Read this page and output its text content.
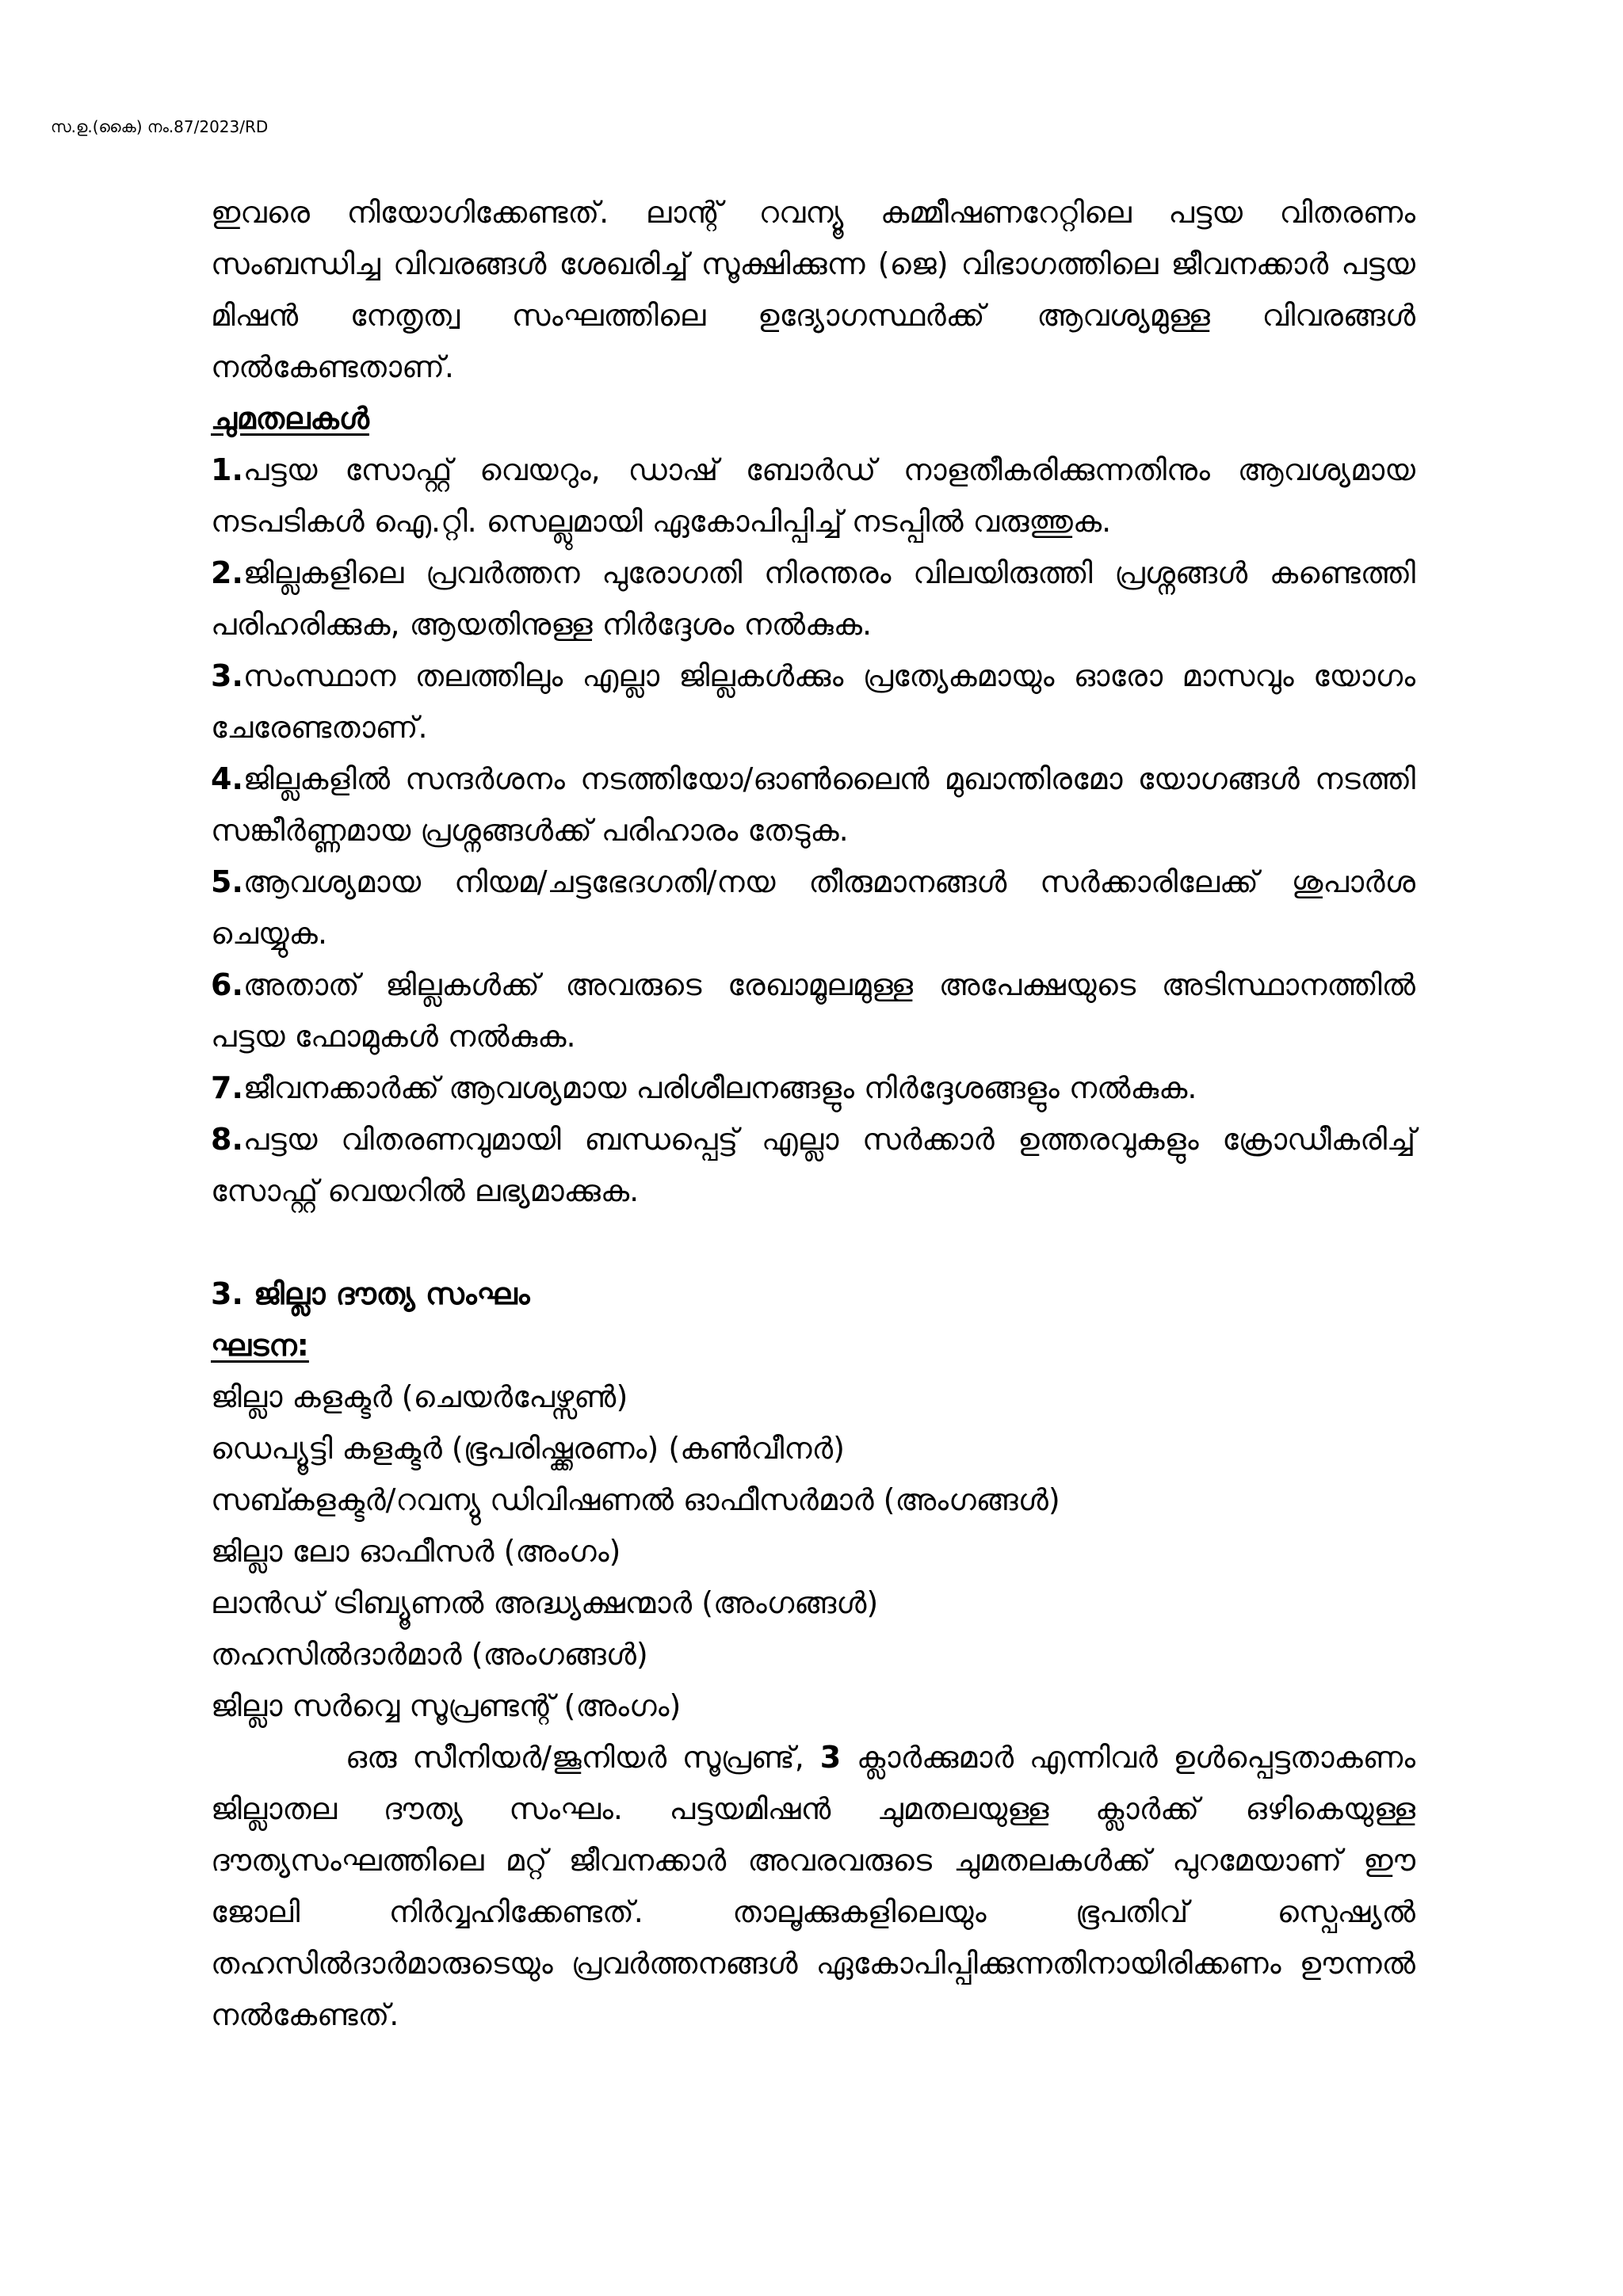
സ.ഉ.(കൈ) നം.87/2023/RD

ഇവരെ നിയോഗിക്കേണ്ടത്. ലാന്റ് റവന്യൂ കമ്മീഷണറേറ്റിലെ പട്ടയ വിതരണം സംബന്ധിച്ച വിവരങ്ങൾ ശേഖരിച്ച് സൂക്ഷിക്കുന്ന (ജെ) വിഭാഗത്തിലെ ജീവനക്കാർ പട്ടയ മിഷൻ നേതൃത്വ സംഘത്തിലെ ഉദ്യോഗസ്ഥർക്ക് ആവശ്യമുള്ള വിവരങ്ങൾ നൽകേണ്ടതാണ്.

ചുമതലകൾ

1.പട്ടയ സോഫ്റ്റ് വെയറും, ഡാഷ് ബോർഡ് നാളതീകരിക്കുന്നതിനും ആവശ്യമായ നടപടികൾ ഐ.റ്റി. സെല്ലുമായി ഏകോപിപ്പിച്ച് നടപ്പിൽ വരുത്തുക.

2.ജില്ലകളിലെ പ്രവർത്തന പുരോഗതി നിരന്തരം വിലയിരുത്തി പ്രശ്നങ്ങൾ കണ്ടെത്തി പരിഹരിക്കുക, ആയതിനുള്ള നിർദ്ദേശം നൽകുക.

3.സംസ്ഥാന തലത്തിലും എല്ലാ ജില്ലകൾക്കും പ്രത്യേകമായും ഓരോ മാസവും യോഗം ചേരേണ്ടതാണ്.

4.ജില്ലകളിൽ സന്ദർശനം നടത്തിയോ/ഓൺലൈൻ മുഖാന്തിരമോ യോഗങ്ങൾ നടത്തി സങ്കീർണ്ണമായ പ്രശ്നങ്ങൾക്ക് പരിഹാരം തേടുക.

5.ആവശ്യമായ നിയമ/ചട്ടഭേദഗതി/നയ തീരുമാനങ്ങൾ സർക്കാരിലേക്ക് ശുപാർശ ചെയ്യുക.

6.അതാത് ജില്ലകൾക്ക് അവരുടെ രേഖാമൂലമുള്ള അപേക്ഷയുടെ അടിസ്ഥാനത്തിൽ പട്ടയ ഫോമുകൾ നൽകുക.

7.ജീവനക്കാർക്ക് ആവശ്യമായ പരിശീലനങ്ങളും നിർദ്ദേശങ്ങളും നൽകുക.

8.പട്ടയ വിതരണവുമായി ബന്ധപ്പെട്ട് എല്ലാ സർക്കാർ ഉത്തരവുകളും ക്രോഡീകരിച്ച് സോഫ്റ്റ് വെയറിൽ ലഭ്യമാക്കുക.

3. ജില്ലാ ദൗത്യ സംഘം

ഘടന:

ജില്ലാ കളക്ടർ (ചെയർപേഴ്സൺ)

ഡെപ്യൂട്ടി കളക്ടർ (ഭൂപരിഷ്ക്കരണം) (കൺവീനർ)

സബ്കളക്ടർ/റവന്യു ഡിവിഷണൽ ഓഫീസർമാർ (അംഗങ്ങൾ)

ജില്ലാ ലോ ഓഫീസർ (അംഗം)

ലാൻഡ് ട്രിബ്യൂണൽ അദ്ധ്യക്ഷന്മാർ (അംഗങ്ങൾ)

തഹസിൽദാർമാർ (അംഗങ്ങൾ)

ജില്ലാ സർവ്വെ സൂപ്രണ്ടന്റ് (അംഗം)

ഒരു സീനിയർ/ജൂനിയർ സൂപ്രണ്ട്, 3 ക്ലാർക്കുമാർ എന്നിവർ ഉൾപ്പെട്ടതാകണം ജില്ലാതല ദൗത്യ സംഘം. പട്ടയമിഷൻ ചുമതലയുള്ള ക്ലാർക്ക് ഒഴികെയുള്ള ദൗത്യസംഘത്തിലെ മറ്റ് ജീവനക്കാർ അവരവരുടെ ചുമതലകൾക്ക് പുറമേയാണ് ഈ ജോലി നിർവ്വഹിക്കേണ്ടത്. താലൂക്കുകളിലെയും ഭൂപതിവ് സ്പെഷ്യൽ തഹസിൽദാർമാരുടെയും പ്രവർത്തനങ്ങൾ ഏകോപിപ്പിക്കുന്നതിനായിരിക്കണം ഊന്നൽ നൽകേണ്ടത്.
